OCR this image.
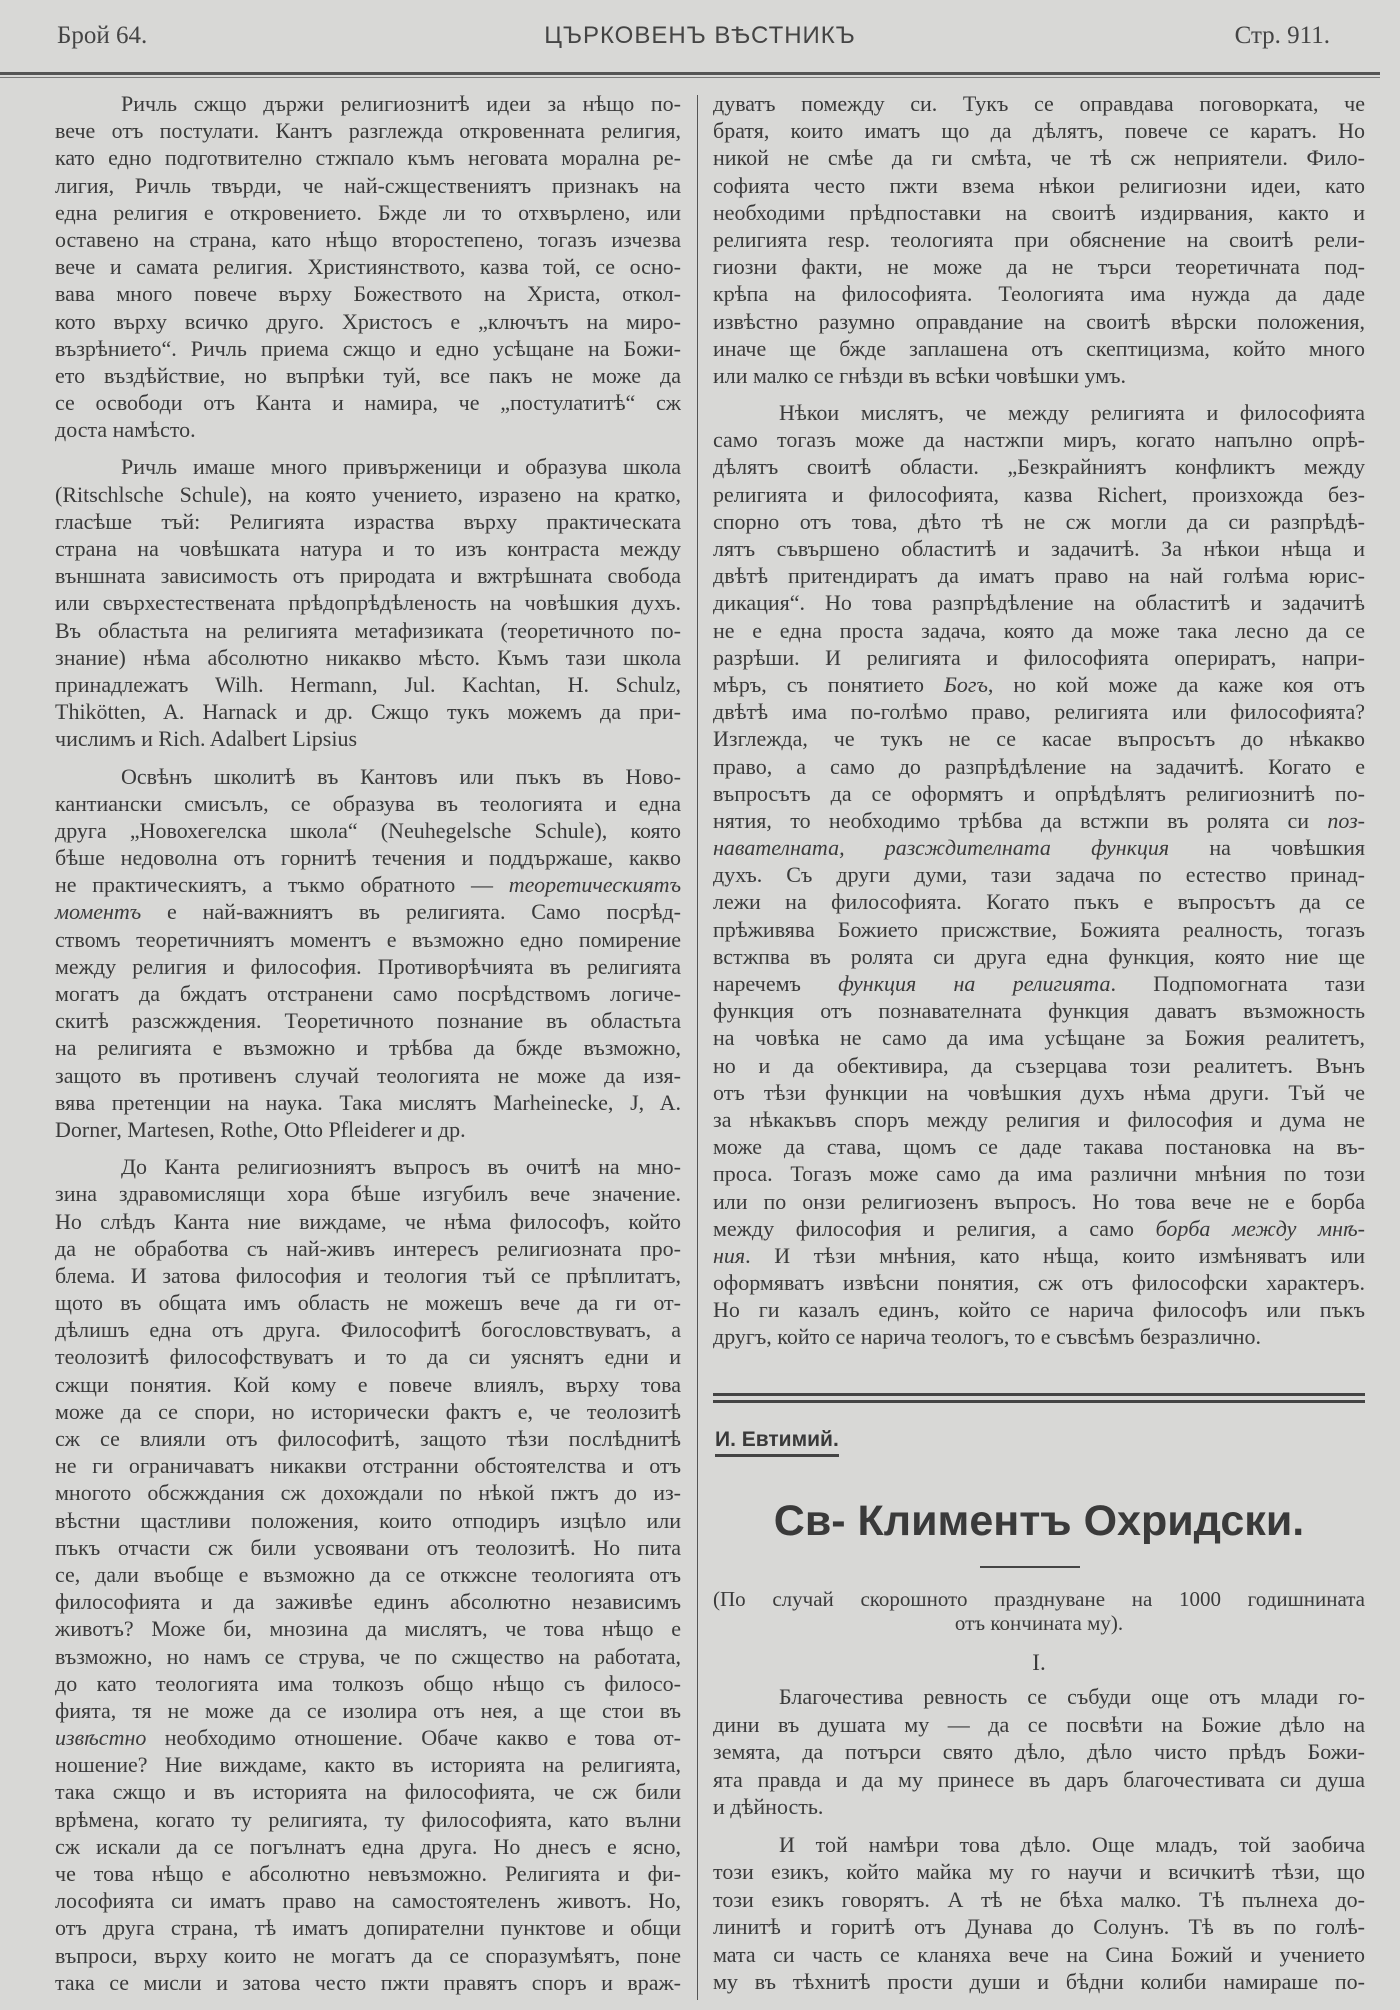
Брой 64.	ЦЪРКОВЕНЪ ВѢСТНИКЪ	Стр. 911.
Ричль сжщо държи религиознитѣ идеи за нѣщо по-
вече отъ постулати. Кантъ разглежда откровенната религия,
като едно подготвително стжпало къмъ неговата морална ре-
лигия, Ричль твърди, че най-сжществениятъ признакъ на
една религия е откровението. Бжде ли то отхвърлено, или
оставено на страна, като нѣщо второстепено, тогазъ изчезва
вече и самата религия. Християнството, казва той, се осно-
вава много повече върху Божеството на Христа, откол-
кото върху всичко друго. Христосъ е „ключътъ на миро-
възрѣнието“. Ричль приема сжщо и едно усѣщане на Божи-
ето въздѣйствие, но въпрѣки туй, все пакъ не може да
се освободи отъ Канта и намира, че „постулатитѣ“ сж
доста намѣсто.
Ричль имаше много привърженици и образува школа
(Ritschlsche Schule), на която учението, изразено на кратко,
гласѣше тъй: Религията израства върху практическата
страна на човѣшката натура и то изъ контраста между
външната зависимость отъ природата и вжтрѣшната свобода
или свърхестествената прѣдопрѣдѣленость на човѣшкия духъ.
Въ областьта на религията метафизиката (теоретичното по-
знание) нѣма абсолютно никакво мѣсто. Къмъ тази школа
принадлежатъ Wilh. Hermann, Jul. Kachtan, H. Schulz,
Thikötten, A. Harnack и др. Сжщо тукъ можемъ да при-
числимъ и Rich. Adalbert Lipsius
Освѣнъ школитѣ въ Кантовъ или пъкъ въ Ново-
кантиански смисълъ, се образува въ теологията и една
друга „Новохегелска школа“ (Neuhegelsche Schule), която
бѣше недоволна отъ горнитѣ течения и поддържаше, какво
не практическиятъ, а тъкмо обратното — теоретическиятъ
моментъ е най-важниятъ въ религията. Само посрѣд-
ствомъ теоретичниятъ моментъ е възможно едно помирение
между религия и философия. Противорѣчията въ религията
могатъ да бждатъ отстранени само посрѣдствомъ логиче-
скитѣ разсжждения. Теоретичното познание въ областьта
на религията е възможно и трѣбва да бжде възможно,
защото въ противенъ случай теологията не може да изя-
вява претенции на наука. Така мислятъ Marheinecke, J, A.
Dorner, Martesen, Rothe, Otto Pfleiderer и др.
До Канта религиозниятъ въпросъ въ очитѣ на мно-
зина здравомислящи хора бѣше изгубилъ вече значение.
Но слѣдъ Канта ние виждаме, че нѣма философъ, който
да не обработва съ най-живъ интересъ религиозната про-
блема. И затова философия и теология тъй се прѣплитатъ,
щото въ общата имъ область не можешъ вече да ги от-
дѣлишъ една отъ друга. Философитѣ богословствуватъ, а
теолозитѣ философствуватъ и то да си уяснятъ едни и
сжщи понятия. Кой кому е повече влиялъ, върху това
може да се спори, но исторически фактъ е, че теолозитѣ
сж се влияли отъ философитѣ, защото тѣзи послѣднитѣ
не ги ограничаватъ никакви отстранни обстоятелства и отъ
многото обсжждания сж дохождали по нѣкой пжтъ до из-
вѣстни щастливи положения, които отподиръ изцѣло или
пъкъ отчасти сж били усвоявани отъ теолозитѣ. Но пита
се, дали въобще е възможно да се откжсне теологията отъ
философията и да заживѣе единъ абсолютно независимъ
животъ? Може би, мнозина да мислятъ, че това нѣщо е
възможно, но намъ се струва, че по сжщество на работата,
до като теологията има толкозъ общо нѣщо съ филосо-
фията, тя не може да се изолира отъ нея, а ще стои въ
извѣстно необходимо отношение. Обаче какво е това от-
ношение? Ние виждаме, както въ историята на религията,
така сжщо и въ историята на философията, че сж били
врѣмена, когато ту религията, ту философията, като вълни
сж искали да се погълнатъ една друга. Но днесъ е ясно,
че това нѣщо е абсолютно невъзможно. Религията и фи-
лософията си иматъ право на самостоятеленъ животъ. Но,
отъ друга страна, тѣ иматъ допирателни пунктове и общи
въпроси, върху които не могатъ да се споразумѣятъ, поне
така се мисли и затова често пжти правятъ споръ и враж-
дуватъ помежду си. Тукъ се оправдава поговорката, че
братя, които иматъ що да дѣлятъ, повече се каратъ. Но
никой не смѣе да ги смѣта, че тѣ сж неприятели. Фило-
софията често пжти взема нѣкои религиозни идеи, като
необходими прѣдпоставки на своитѣ издирвания, както и
религията resp. теологията при обяснение на своитѣ рели-
гиозни факти, не може да не търси теоретичната под-
крѣпа на философията. Теологията има нужда да даде
извѣстно разумно оправдание на своитѣ вѣрски положения,
иначе ще бжде заплашена отъ скептицизма, който много
или малко се гнѣзди въ всѣки човѣшки умъ.
Нѣкои мислятъ, че между религията и философията
само тогазъ може да настжпи миръ, когато напълно опрѣ-
дѣлятъ своитѣ области. „Безкрайниятъ конфликтъ между
религията и философията, казва Richert, произхожда без-
спорно отъ това, дѣто тѣ не сж могли да си разпрѣдѣ-
лятъ съвършено областитѣ и задачитѣ. За нѣкои нѣща и
двѣтѣ притендиратъ да иматъ право на най голѣма юрис-
дикация“. Но това разпрѣдѣление на областитѣ и задачитѣ
не е една проста задача, която да може така лесно да се
разрѣши. И религията и философията опериратъ, напри-
мѣръ, съ понятието Богъ, но кой може да каже коя отъ
двѣтѣ има по-голѣмо право, религията или философията?
Изглежда, че тукъ не се касае въпросътъ до нѣкакво
право, а само до разпрѣдѣление на задачитѣ. Когато е
въпросътъ да се оформятъ и опрѣдѣлятъ религиознитѣ по-
нятия, то необходимо трѣбва да встжпи въ ролята си поз-
навателната, разсждителната функция на човѣшкия
духъ. Съ други думи, тази задача по естество принад-
лежи на философията. Когато пъкъ е въпросътъ да се
прѣживява Божието присжствие, Божията реалность, тогазъ
встжпва въ ролята си друга една функция, която ние ще
наречемъ функция на религията. Подпомогната тази
функция отъ познавателната функция даватъ възможность
на човѣка не само да има усѣщане за Божия реалитетъ,
но и да обективира, да съзерцава този реалитетъ. Вънъ
отъ тѣзи функции на човѣшкия духъ нѣма други. Тъй че
за нѣкакъвъ споръ между религия и философия и дума не
може да става, щомъ се даде такава постановка на въ-
проса. Тогазъ може само да има различни мнѣния по този
или по онзи религиозенъ въпросъ. Но това вече не е борба
между философия и религия, а само борба между мнѣ-
ния. И тѣзи мнѣния, като нѣща, които измѣняватъ или
оформяватъ извѣсни понятия, сж отъ философски характеръ.
Но ги казалъ единъ, който се нарича философъ или пъкъ
другъ, който се нарича теологъ, то е съвсѣмъ безразлично.
И. Евтимий.
Св- Климентъ Охридски.
(По случай скорошното празднуване на 1000 годишнината
отъ кончината му).
I.
Благочестива ревность се събуди още отъ млади го-
дини въ душата му — да се посвѣти на Божие дѣло на
земята, да потърси свято дѣло, дѣло чисто прѣдъ Божи-
ята правда и да му принесе въ даръ благочестивата си душа
и дѣйность.
И той намѣри това дѣло. Още младъ, той заобича
този езикъ, който майка му го научи и всичкитѣ тѣзи, що
този езикъ говорятъ. А тѣ не бѣха малко. Тѣ пълнеха до-
линитѣ и горитѣ отъ Дунава до Солунъ. Тѣ въ по голѣ-
мата си часть се кланяха вече на Сина Божий и учението
му въ тѣхнитѣ прости души и бѣдни колиби намираше по-
